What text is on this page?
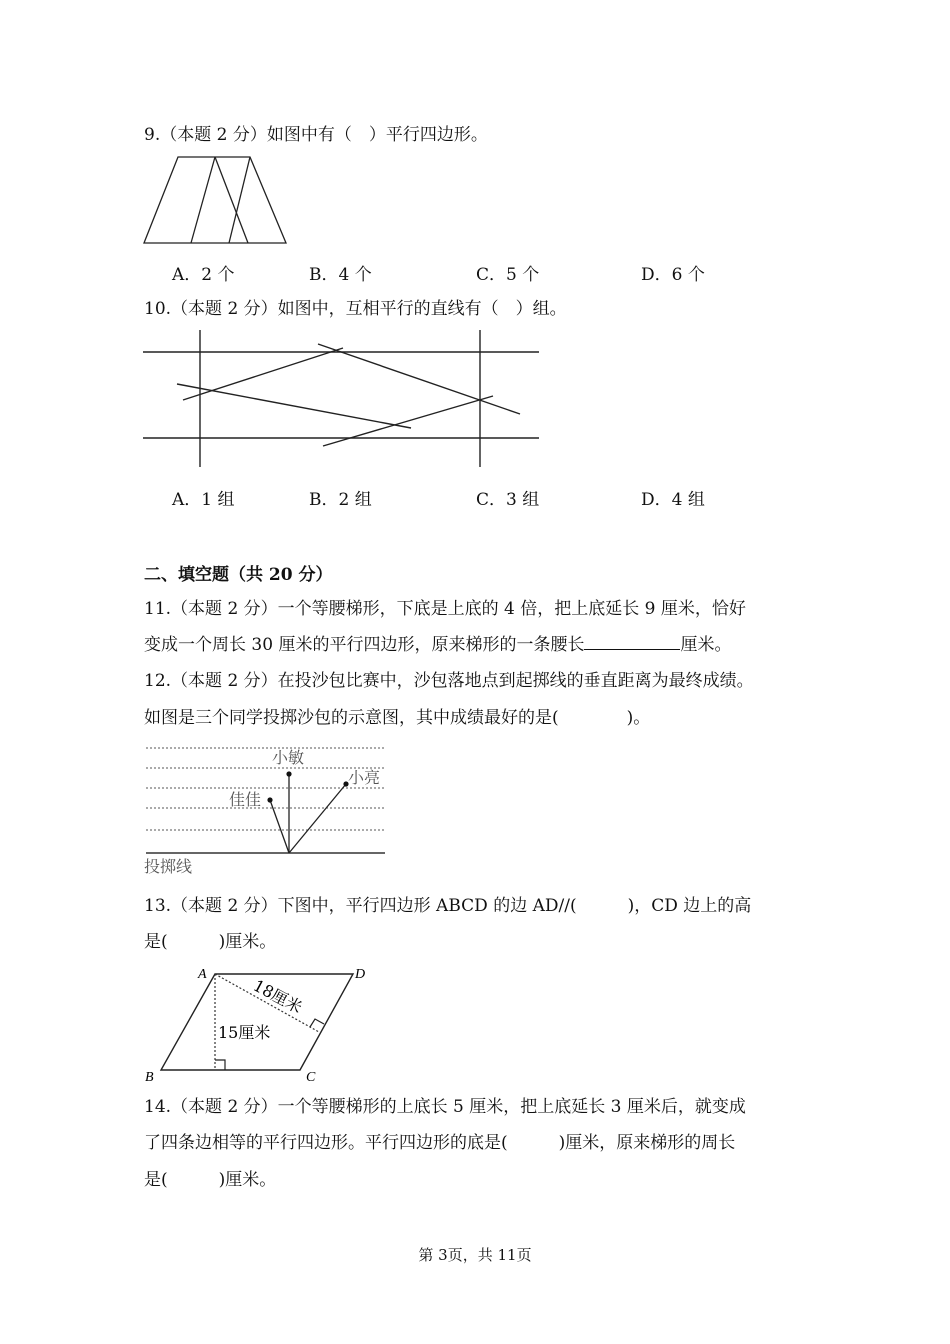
9.（本题 2 分）如图中有（　）平行四边形。
A．2 个	B．4 个	C．5 个	D．6 个
10.（本题 2 分）如图中，互相平行的直线有（　）组。
A．1 组	B．2 组	C．3 组	D．4 组
二、填空题（共 20 分）
11.（本题 2 分）一个等腰梯形，下底是上底的 4 倍，把上底延长 9 厘米，恰好
变成一个周长 30 厘米的平行四边形，原来梯形的一条腰长	厘米。
12.（本题 2 分）在投沙包比赛中，沙包落地点到起掷线的垂直距离为最终成绩。
如图是三个同学投掷沙包的示意图，其中成绩最好的是(　　　　)。
小敏
小亮
佳佳
投掷线
13.（本题 2 分）下图中，平行四边形 ABCD 的边 AD//(　　　)，CD 边上的高
是(　　　)厘米。
A	D
B	C
18厘米
15厘米
14.（本题 2 分）一个等腰梯形的上底长 5 厘米，把上底延长 3 厘米后，就变成
了四条边相等的平行四边形。平行四边形的底是(　　　)厘米，原来梯形的周长
是(　　　)厘米。
第 3页，共 11页
